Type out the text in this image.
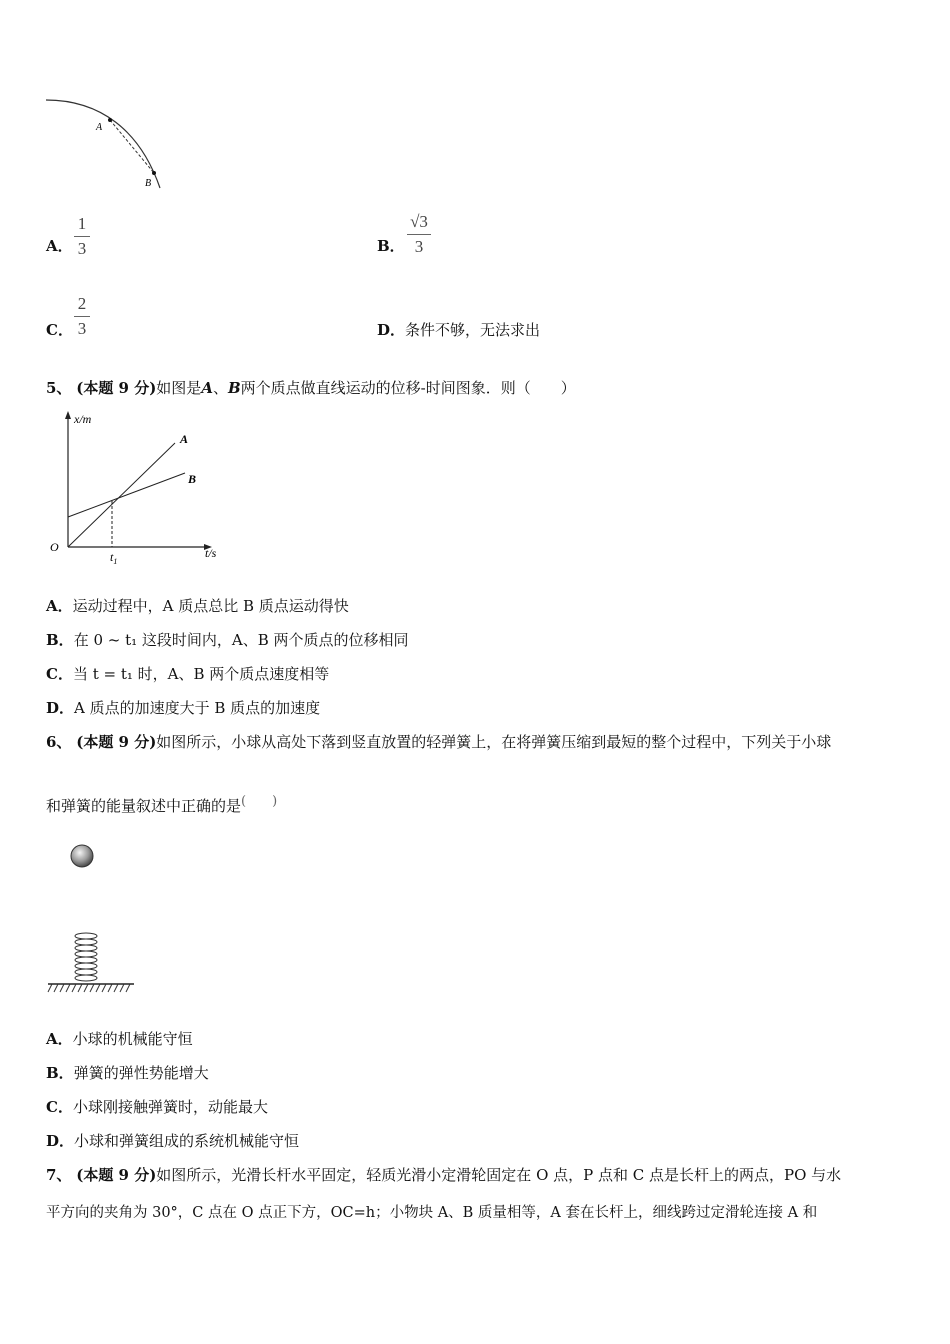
A
B
A．
1
3	B．
√3
3
C．
2
3	D．条件不够，无法求出
5、 (本题 9 分)如图是A、B两个质点做直线运动的位移-时间图象．则（　　）
x/m
t/s
O
$t_1$
A
B
A．运动过程中，A 质点总比 B 质点运动得快
B．在 0 ~ t₁ 这段时间内，A、B 两个质点的位移相同
C．当 t = t₁ 时，A、B 两个质点速度相等
D．A 质点的加速度大于 B 质点的加速度
6、 (本题 9 分)如图所示，小球从高处下落到竖直放置的轻弹簧上，在将弹簧压缩到最短的整个过程中，下列关于小球
和弹簧的能量叙述中正确的是(　　)
A．小球的机械能守恒
B．弹簧的弹性势能增大
C．小球刚接触弹簧时，动能最大
D．小球和弹簧组成的系统机械能守恒
7、 (本题 9 分)如图所示，光滑长杆水平固定，轻质光滑小定滑轮固定在 O 点，P 点和 C 点是长杆上的两点，PO 与水
平方向的夹角为 30°，C 点在 O 点正下方，OC=h；小物块 A、B 质量相等，A 套在长杆上，细线跨过定滑轮连接 A 和
